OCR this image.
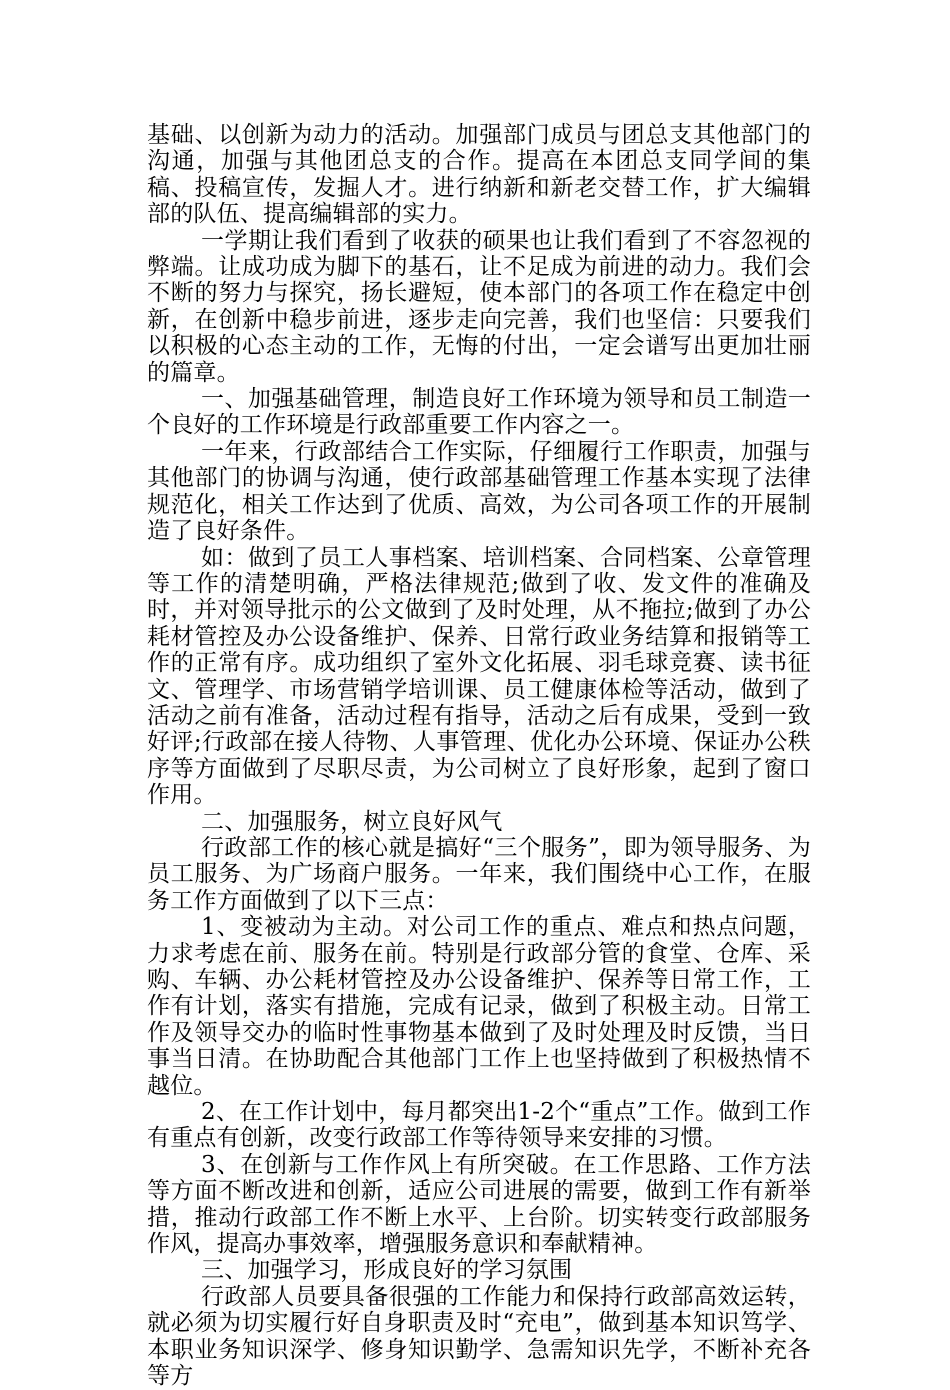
基础、以创新为动力的活动。加强部门成员与团总支其他部门的沟通，加强与其他团总支的合作。提高在本团总支同学间的集稿、投稿宣传，发掘人才。进行纳新和新老交替工作，扩大编辑部的队伍、提高编辑部的实力。

一学期让我们看到了收获的硕果也让我们看到了不容忽视的弊端。让成功成为脚下的基石，让不足成为前进的动力。我们会不断的努力与探究，扬长避短，使本部门的各项工作在稳定中创新，在创新中稳步前进，逐步走向完善，我们也坚信：只要我们以积极的心态主动的工作，无悔的付出，一定会谱写出更加壮丽的篇章。

一、加强基础管理，制造良好工作环境为领导和员工制造一个良好的工作环境是行政部重要工作内容之一。

一年来，行政部结合工作实际，仔细履行工作职责，加强与其他部门的协调与沟通，使行政部基础管理工作基本实现了法律规范化，相关工作达到了优质、高效，为公司各项工作的开展制造了良好条件。

如：做到了员工人事档案、培训档案、合同档案、公章管理等工作的清楚明确，严格法律规范;做到了收、发文件的准确及时，并对领导批示的公文做到了及时处理，从不拖拉;做到了办公耗材管控及办公设备维护、保养、日常行政业务结算和报销等工作的正常有序。成功组织了室外文化拓展、羽毛球竞赛、读书征文、管理学、市场营销学培训课、员工健康体检等活动，做到了活动之前有准备，活动过程有指导，活动之后有成果，受到一致好评;行政部在接人待物、人事管理、优化办公环境、保证办公秩序等方面做到了尽职尽责，为公司树立了良好形象，起到了窗口作用。

二、加强服务，树立良好风气

行政部工作的核心就是搞好“三个服务”，即为领导服务、为员工服务、为广场商户服务。一年来，我们围绕中心工作，在服务工作方面做到了以下三点：

1、变被动为主动。对公司工作的重点、难点和热点问题，力求考虑在前、服务在前。特别是行政部分管的食堂、仓库、采购、车辆、办公耗材管控及办公设备维护、保养等日常工作，工作有计划，落实有措施，完成有记录，做到了积极主动。日常工作及领导交办的临时性事物基本做到了及时处理及时反馈，当日事当日清。在协助配合其他部门工作上也坚持做到了积极热情不越位。

2、在工作计划中，每月都突出1-2个“重点”工作。做到工作有重点有创新，改变行政部工作等待领导来安排的习惯。

3、在创新与工作作风上有所突破。在工作思路、工作方法等方面不断改进和创新，适应公司进展的需要，做到工作有新举措，推动行政部工作不断上水平、上台阶。切实转变行政部服务作风，提高办事效率，增强服务意识和奉献精神。

三、加强学习，形成良好的学习氛围

行政部人员要具备很强的工作能力和保持行政部高效运转，就必须为切实履行好自身职责及时“充电”，做到基本知识笃学、本职业务知识深学、修身知识勤学、急需知识先学，不断补充各等方
